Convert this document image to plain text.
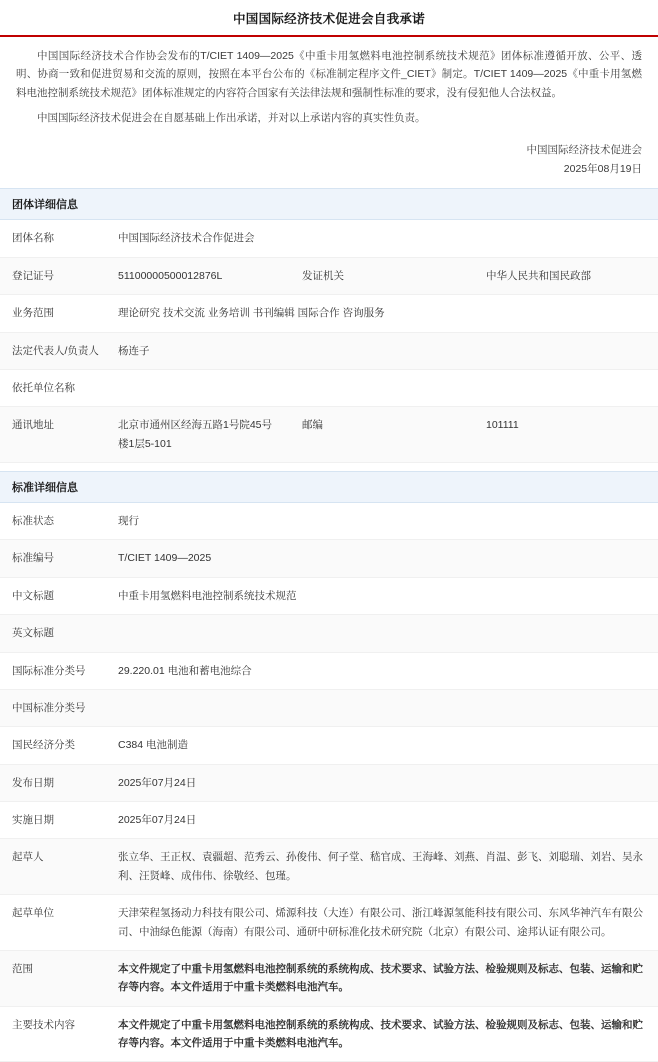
中国国际经济技术促进会自我承诺

中国国际经济技术合作协会发布的T/CIET 1409—2025《中重卡用氢燃料电池控制系统技术规范》团体标准遵循开放、公平、透明、协商一致和促进贸易和交流的原则，按照在本平台公布的《标准制定程序文件_CIET》制定。T/CIET 1409—2025《中重卡用氢燃料电池控制系统技术规范》团体标准规定的内容符合国家有关法律法规和强制性标准的要求，没有侵犯他人合法权益。

中国国际经济技术促进会在自愿基础上作出承诺，并对以上承诺内容的真实性负责。

中国国际经济技术促进会
2025年08月19日
团体详细信息
团体名称	中国国际经济技术合作促进会		
登记证号	51100000500012876L	发证机关	中华人民共和国民政部
业务范围	理论研究 技术交流 业务培训 书刊编辑 国际合作 咨询服务		
法定代表人/负责人	杨连子		
依托单位名称			
通讯地址	北京市通州区经海五路1号院45号楼1层5-101	邮编	101111
标准详细信息
标准状态	现行
标准编号	T/CIET 1409—2025
中文标题	中重卡用氢燃料电池控制系统技术规范
英文标题	
国际标准分类号	29.220.01 电池和蓄电池综合
中国标准分类号	
国民经济分类	C384 电池制造
发布日期	2025年07月24日
实施日期	2025年07月24日
起草人	张立华、王正权、袁疆超、范秀云、孙俊伟、何子堂、嵇官成、王海峰、刘燕、肖温、彭飞、刘聪瑞、刘岩、吴永利、汪贤峰、成伟伟、徐敬经、包瑾。
起草单位	天津荣程氢扬动力科技有限公司、烯源科技（大连）有限公司、浙江峰源氢能科技有限公司、东风华神汽车有限公司、中油绿色能源（海南）有限公司、通研中研标准化技术研究院（北京）有限公司、途邦认证有限公司。
范围	本文件规定了中重卡用氢燃料电池控制系统的系统构成、技术要求、试验方法、检验规则及标志、包装、运输和贮存等内容。本文件适用于中重卡类燃料电池汽车。
主要技术内容	本文件规定了中重卡用氢燃料电池控制系统的系统构成、技术要求、试验方法、检验规则及标志、包装、运输和贮存等内容。本文件适用于中重卡类燃料电池汽车。
